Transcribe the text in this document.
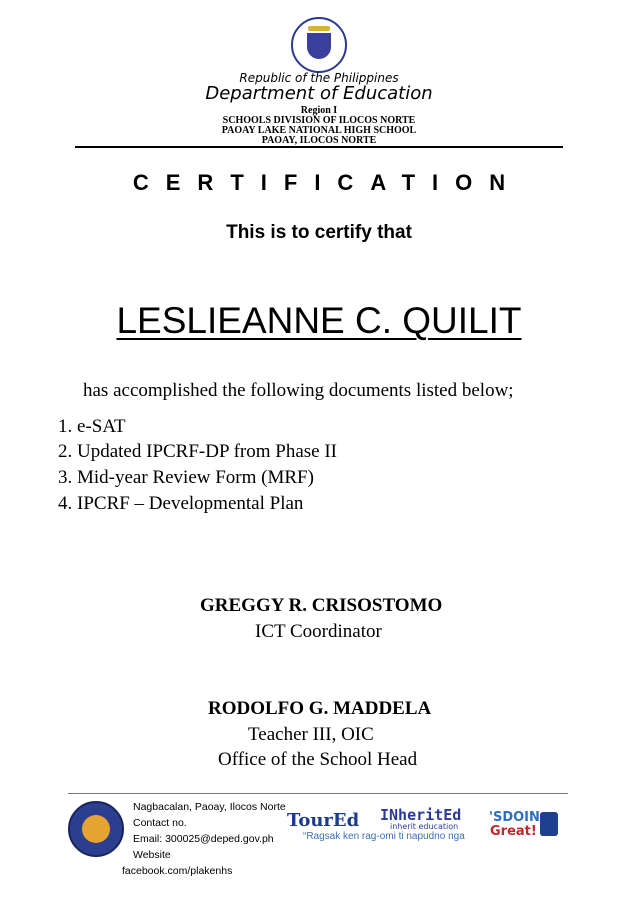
Republic of the Philippines
Department of Education
Region I
SCHOOLS DIVISION OF ILOCOS NORTE
PAOAY LAKE NATIONAL HIGH SCHOOL
PAOAY, ILOCOS NORTE
CERTIFICATION
This is to certify that
LESLIEANNE C. QUILIT
has accomplished the following documents listed below;
1. e-SAT
2. Updated IPCRF-DP from Phase II
3. Mid-year Review Form (MRF)
4. IPCRF – Developmental Plan
GREGGY R. CRISOSTOMO
ICT Coordinator
RODOLFO G. MADDELA
Teacher III, OIC
Office of the School Head
Nagbacalan, Paoay, Ilocos Norte
Contact no.
Email: 300025@deped.gov.ph
Website
facebook.com/plakenhs
TourEd INheritEd
inherit education
“Ragsak ken rag-omi ti napudno nga
'SDOIN
Great!
